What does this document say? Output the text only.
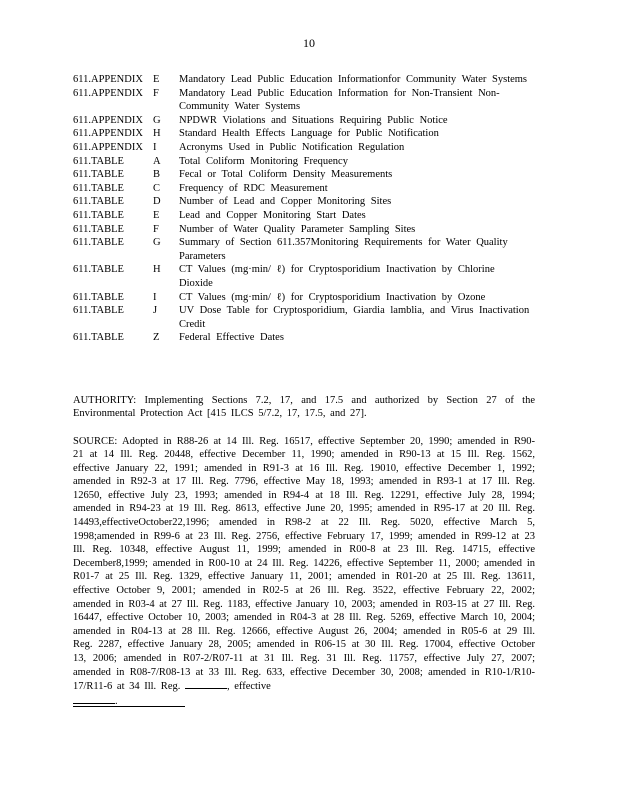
10
611.APPENDIX E	Mandatory Lead Public Education Informationfor Community Water Systems
611.APPENDIX F	Mandatory Lead Public Education Information for Non-Transient Non-Community Water Systems
611.APPENDIX G	NPDWR Violations and Situations Requiring Public Notice
611.APPENDIX H	Standard Health Effects Language for Public Notification
611.APPENDIX I	Acronyms Used in Public Notification Regulation
611.TABLE	A	Total Coliform Monitoring Frequency
611.TABLE	B	Fecal or Total Coliform Density Measurements
611.TABLE	C	Frequency of RDC Measurement
611.TABLE	D	Number of Lead and Copper Monitoring Sites
611.TABLE	E	Lead and Copper Monitoring Start Dates
611.TABLE	F	Number of Water Quality Parameter Sampling Sites
611.TABLE	G	Summary of Section 611.357Monitoring Requirements for Water Quality Parameters
611.TABLE	H	CT Values (mg·min/ ℓ) for Cryptosporidium Inactivation by Chlorine Dioxide
611.TABLE	I	CT Values (mg·min/ ℓ) for Cryptosporidium Inactivation by Ozone
611.TABLE	J	UV Dose Table for Cryptosporidium, Giardia lamblia, and Virus Inactivation Credit
611.TABLE	Z	Federal Effective Dates

AUTHORITY: Implementing Sections 7.2, 17, and 17.5 and authorized by Section 27 of the Environmental Protection Act [415 ILCS 5/7.2, 17, 17.5, and 27].

SOURCE: Adopted in R88-26 at 14 Ill. Reg. 16517, effective September 20, 1990; amended in R90-21 at 14 Ill. Reg. 20448, effective December 11, 1990; amended in R90-13 at 15 Ill. Reg. 1562, effective January 22, 1991; amended in R91-3 at 16 Ill. Reg. 19010, effective December 1, 1992; amended in R92-3 at 17 Ill. Reg. 7796, effective May 18, 1993; amended in R93-1 at 17 Ill. Reg. 12650, effective July 23, 1993; amended in R94-4 at 18 Ill. Reg. 12291, effective July 28, 1994; amended in R94-23 at 19 Ill. Reg. 8613, effective June 20, 1995; amended in R95-17 at 20 Ill. Reg. 14493,effectiveOctober22,1996; amended in R98-2 at 22 Ill. Reg. 5020, effective March 5, 1998;amended in R99-6 at 23 Ill. Reg. 2756, effective February 17, 1999; amended in R99-12 at 23 Ill. Reg. 10348, effective August 11, 1999; amended in R00-8 at 23 Ill. Reg. 14715, effective December8,1999; amended in R00-10 at 24 Ill. Reg. 14226, effective September 11, 2000; amended in R01-7 at 25 Ill. Reg. 1329, effective January 11, 2001; amended in R01-20 at 25 Ill. Reg. 13611, effective October 9, 2001; amended in R02-5 at 26 Ill. Reg. 3522, effective February 22, 2002; amended in R03-4 at 27 Ill. Reg. 1183, effective January 10, 2003; amended in R03-15 at 27 Ill. Reg. 16447, effective October 10, 2003; amended in R04-3 at 28 Ill. Reg. 5269, effective March 10, 2004; amended in R04-13 at 28 Ill. Reg. 12666, effective August 26, 2004; amended in R05-6 at 29 Ill. Reg. 2287, effective January 28, 2005; amended in R06-15 at 30 Ill. Reg. 17004, effective October 13, 2006; amended in R07-2/R07-11 at 31 Ill. Reg. 31 Ill. Reg. 11757, effective July 27, 2007; amended in R08-7/R08-13 at 33 Ill. Reg. 633, effective December 30, 2008; amended in R10-1/R10-17/R11-6 at 34 Ill. Reg.	, effective
.
